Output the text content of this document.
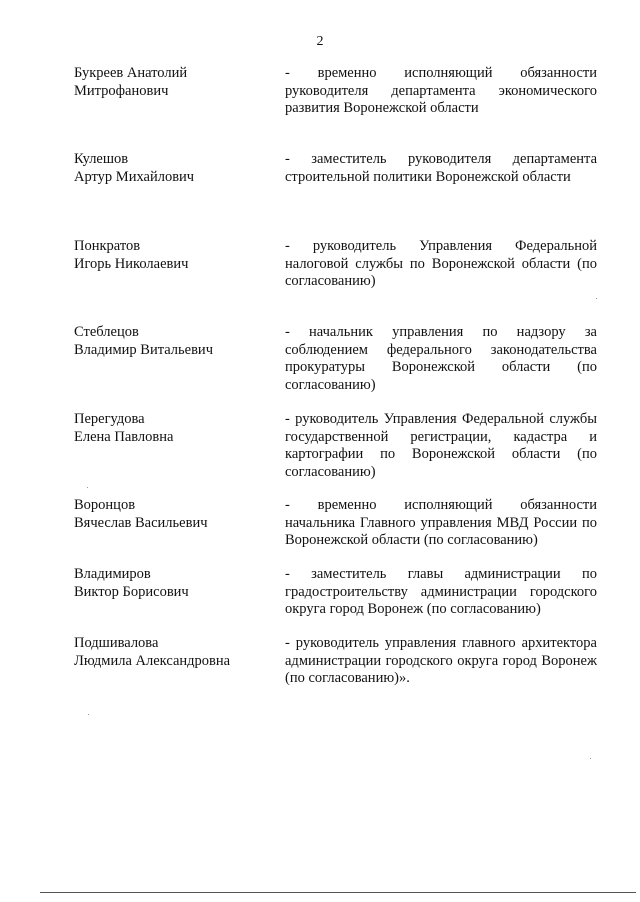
2
Букреев Анатолий
Митрофанович
- временно исполняющий обязанности руководителя департамента экономического развития Воронежской области
Кулешов
Артур Михайлович
- заместитель руководителя департамента строительной политики Воронежской области
Понкратов
Игорь Николаевич
- руководитель Управления Федеральной налоговой службы по Воронежской области (по согласованию)
Стеблецов
Владимир Витальевич
- начальник управления по надзору за соблюдением федерального законодательства прокуратуры Воронежской области (по согласованию)
Перегудова
Елена Павловна
- руководитель Управления Федеральной службы государственной регистрации, кадастра и картографии по Воронежской области (по согласованию)
Воронцов
Вячеслав Васильевич
- временно исполняющий обязанности начальника Главного управления МВД России по Воронежской области (по согласованию)
Владимиров
Виктор Борисович
- заместитель главы администрации по градостроительству администрации городского округа город Воронеж (по согласованию)
Подшивалова
Людмила Александровна
- руководитель управления главного архитектора администрации городского округа город Воронеж (по согласованию)».
